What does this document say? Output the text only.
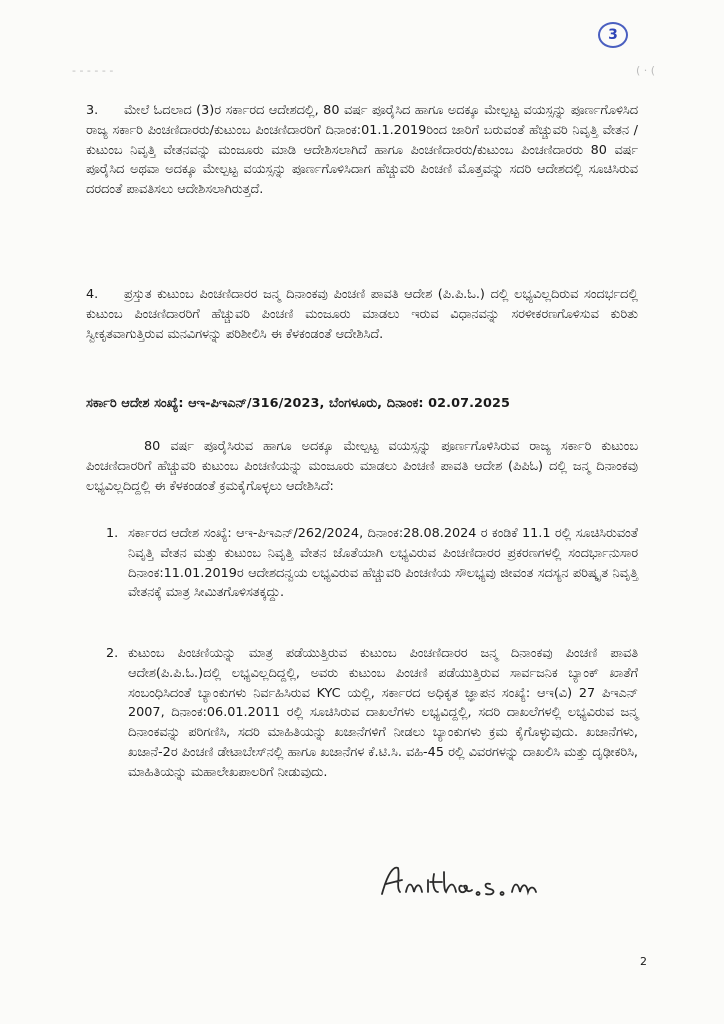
3
- - - - - -	( · (

3. ಮೇಲೆ ಓದಲಾದ (3)ರ ಸರ್ಕಾರದ ಆದೇಶದಲ್ಲಿ, 80 ವರ್ಷ ಪೂರೈಸಿದ ಹಾಗೂ ಅದಕ್ಕೂ ಮೇಲ್ಪಟ್ಟ ವಯಸ್ಸನ್ನು ಪೂರ್ಣಗೊಳಿಸಿದ ರಾಜ್ಯ ಸರ್ಕಾರಿ ಪಿಂಚಣಿದಾರರು/ಕುಟುಂಬ ಪಿಂಚಣಿದಾರರಿಗೆ ದಿನಾಂಕ:01.1.2019ರಿಂದ ಜಾರಿಗೆ ಬರುವಂತೆ ಹೆಚ್ಚುವರಿ ನಿವೃತ್ತಿ ವೇತನ /ಕುಟುಂಬ ನಿವೃತ್ತಿ ವೇತನವನ್ನು ಮಂಜೂರು ಮಾಡಿ ಆದೇಶಿಸಲಾಗಿದೆ ಹಾಗೂ ಪಿಂಚಣಿದಾರರು/ಕುಟುಂಬ ಪಿಂಚಣಿದಾರರು 80 ವರ್ಷ ಪೂರೈಸಿದ ಅಥವಾ ಅದಕ್ಕೂ ಮೇಲ್ಪಟ್ಟ ವಯಸ್ಸನ್ನು ಪೂರ್ಣಗೊಳಿಸಿದಾಗ ಹೆಚ್ಚುವರಿ ಪಿಂಚಣಿ ಮೊತ್ತವನ್ನು ಸದರಿ ಆದೇಶದಲ್ಲಿ ಸೂಚಿಸಿರುವ ದರದಂತೆ ಪಾವತಿಸಲು ಆದೇಶಿಸಲಾಗಿರುತ್ತದೆ.

4. ಪ್ರಸ್ತುತ ಕುಟುಂಬ ಪಿಂಚಣಿದಾರರ ಜನ್ಮ ದಿನಾಂಕವು ಪಿಂಚಣಿ ಪಾವತಿ ಆದೇಶ (ಪಿ.ಪಿ.ಓ.) ದಲ್ಲಿ ಲಭ್ಯವಿಲ್ಲದಿರುವ ಸಂದರ್ಭದಲ್ಲಿ ಕುಟುಂಬ ಪಿಂಚಣಿದಾರರಿಗೆ ಹೆಚ್ಚುವರಿ ಪಿಂಚಣಿ ಮಂಜೂರು ಮಾಡಲು ಇರುವ ವಿಧಾನವನ್ನು ಸರಳೀಕರಣಗೊಳಿಸುವ ಕುರಿತು ಸ್ವೀಕೃತವಾಗುತ್ತಿರುವ ಮನವಿಗಳನ್ನು ಪರಿಶೀಲಿಸಿ ಈ ಕೆಳಕಂಡಂತೆ ಆದೇಶಿಸಿದೆ.

ಸರ್ಕಾರಿ ಆದೇಶ ಸಂಖ್ಯೆ: ಆಇ-ಪಿಇಎನ್/316/2023, ಬೆಂಗಳೂರು, ದಿನಾಂಕ: 02.07.2025

80 ವರ್ಷ ಪೂರೈಸಿರುವ ಹಾಗೂ ಅದಕ್ಕೂ ಮೇಲ್ಪಟ್ಟ ವಯಸ್ಸನ್ನು ಪೂರ್ಣಗೊಳಿಸಿರುವ ರಾಜ್ಯ ಸರ್ಕಾರಿ ಕುಟುಂಬ ಪಿಂಚಣಿದಾರರಿಗೆ ಹೆಚ್ಚುವರಿ ಕುಟುಂಬ ಪಿಂಚಣಿಯನ್ನು ಮಂಜೂರು ಮಾಡಲು ಪಿಂಚಣಿ ಪಾವತಿ ಆದೇಶ (ಪಿಪಿಓ) ದಲ್ಲಿ ಜನ್ಮ ದಿನಾಂಕವು ಲಭ್ಯವಿಲ್ಲದಿದ್ದಲ್ಲಿ ಈ ಕೆಳಕಂಡಂತೆ ಕ್ರಮಕೈಗೊಳ್ಳಲು ಆದೇಶಿಸಿದೆ:

1. ಸರ್ಕಾರದ ಆದೇಶ ಸಂಖ್ಯೆ: ಆಇ-ಪಿಇಎನ್/262/2024, ದಿನಾಂಕ:28.08.2024 ರ ಕಂಡಿಕೆ 11.1 ರಲ್ಲಿ ಸೂಚಿಸಿರುವಂತೆ ನಿವೃತ್ತಿ ವೇತನ ಮತ್ತು ಕುಟುಂಬ ನಿವೃತ್ತಿ ವೇತನ ಜೊತೆಯಾಗಿ ಲಭ್ಯವಿರುವ ಪಿಂಚಣಿದಾರರ ಪ್ರಕರಣಗಳಲ್ಲಿ ಸಂದರ್ಭಾನುಸಾರ ದಿನಾಂಕ:11.01.2019ರ ಆದೇಶದನ್ವಯ ಲಭ್ಯವಿರುವ ಹೆಚ್ಚುವರಿ ಪಿಂಚಣಿಯ ಸೌಲಭ್ಯವು ಜೀವಂತ ಸದಸ್ಯನ ಪರಿಷ್ಕೃತ ನಿವೃತ್ತಿ ವೇತನಕ್ಕೆ ಮಾತ್ರ ಸೀಮಿತಗೊಳಿಸತಕ್ಕದ್ದು.
2. ಕುಟುಂಬ ಪಿಂಚಣಿಯನ್ನು ಮಾತ್ರ ಪಡೆಯುತ್ತಿರುವ ಕುಟುಂಬ ಪಿಂಚಣಿದಾರರ ಜನ್ಮ ದಿನಾಂಕವು ಪಿಂಚಣಿ ಪಾವತಿ ಆದೇಶ(ಪಿ.ಪಿ.ಓ.)ದಲ್ಲಿ ಲಭ್ಯವಿಲ್ಲದಿದ್ದಲ್ಲಿ, ಅವರು ಕುಟುಂಬ ಪಿಂಚಣಿ ಪಡೆಯುತ್ತಿರುವ ಸಾರ್ವಜನಿಕ ಬ್ಯಾಂಕ್ ಖಾತೆಗೆ ಸಂಬಂಧಿಸಿದಂತೆ ಬ್ಯಾಂಕುಗಳು ನಿರ್ವಹಿಸಿರುವ KYC ಯಲ್ಲಿ, ಸರ್ಕಾರದ ಅಧಿಕೃತ ಜ್ಞಾಪನ ಸಂಖ್ಯೆ: ಆಇ(ವಿ) 27 ಪಿಇಎನ್ 2007, ದಿನಾಂಕ:06.01.2011 ರಲ್ಲಿ ಸೂಚಿಸಿರುವ ದಾಖಲೆಗಳು ಲಭ್ಯವಿದ್ದಲ್ಲಿ, ಸದರಿ ದಾಖಲೆಗಳಲ್ಲಿ ಲಭ್ಯವಿರುವ ಜನ್ಮ ದಿನಾಂಕವನ್ನು ಪರಿಗಣಿಸಿ, ಸದರಿ ಮಾಹಿತಿಯನ್ನು ಖಜಾನೆಗಳಿಗೆ ನೀಡಲು ಬ್ಯಾಂಕುಗಳು ಕ್ರಮ ಕೈಗೊಳ್ಳುವುದು. ಖಜಾನೆಗಳು, ಖಜಾನೆ-2ರ ಪಿಂಚಣಿ ಡೇಟಾಬೇಸ್‌ನಲ್ಲಿ ಹಾಗೂ ಖಜಾನೆಗಳ ಕೆ.ಟಿ.ಸಿ. ವಹಿ-45 ರಲ್ಲಿ ವಿವರಗಳನ್ನು ದಾಖಲಿಸಿ ಮತ್ತು ದೃಢೀಕರಿಸಿ, ಮಾಹಿತಿಯನ್ನು ಮಹಾಲೇಖಪಾಲರಿಗೆ ನೀಡುವುದು.
2
